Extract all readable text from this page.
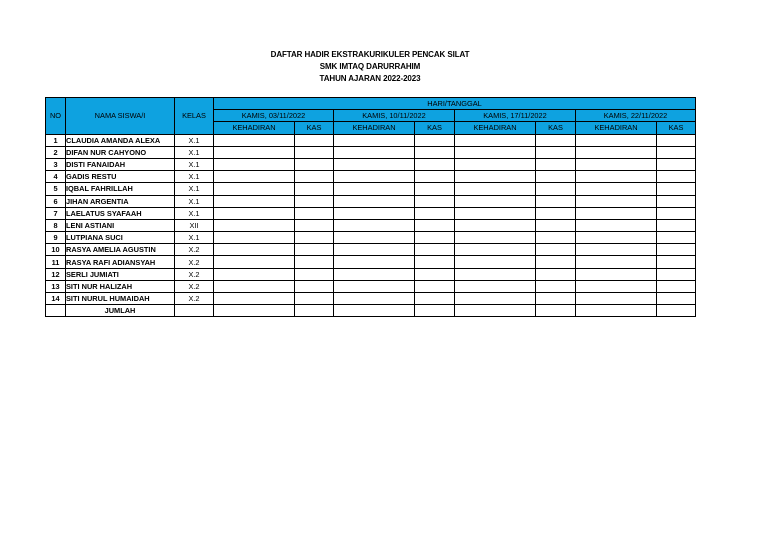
DAFTAR HADIR EKSTRAKURIKULER PENCAK SILAT
SMK IMTAQ DARURRAHIM
TAHUN AJARAN 2022-2023
NO	NAMA SISWA/I	KELAS	HARI/TANGGAL							
			KAMIS, 03/11/2022		KAMIS, 10/11/2022		KAMIS, 17/11/2022		KAMIS, 22/11/2022	
			KEHADIRAN	KAS	KEHADIRAN	KAS	KEHADIRAN	KAS	KEHADIRAN	KAS
1	CLAUDIA AMANDA ALEXA	X.1								
2	DIFAN NUR CAHYONO	X.1								
3	DISTI FANAIDAH	X.1								
4	GADIS RESTU	X.1								
5	IQBAL FAHRILLAH	X.1								
6	JIHAN ARGENTIA	X.1								
7	LAELATUS SYAFAAH	X.1								
8	LENI ASTIANI	XII								
9	LUTPIANA SUCI	X.1								
10	RASYA AMELIA AGUSTIN	X.2								
11	RASYA RAFI ADIANSYAH	X.2								
12	SERLI JUMIATI	X.2								
13	SITI NUR HALIZAH	X.2								
14	SITI NURUL HUMAIDAH	X.2								
	JUMLAH									
